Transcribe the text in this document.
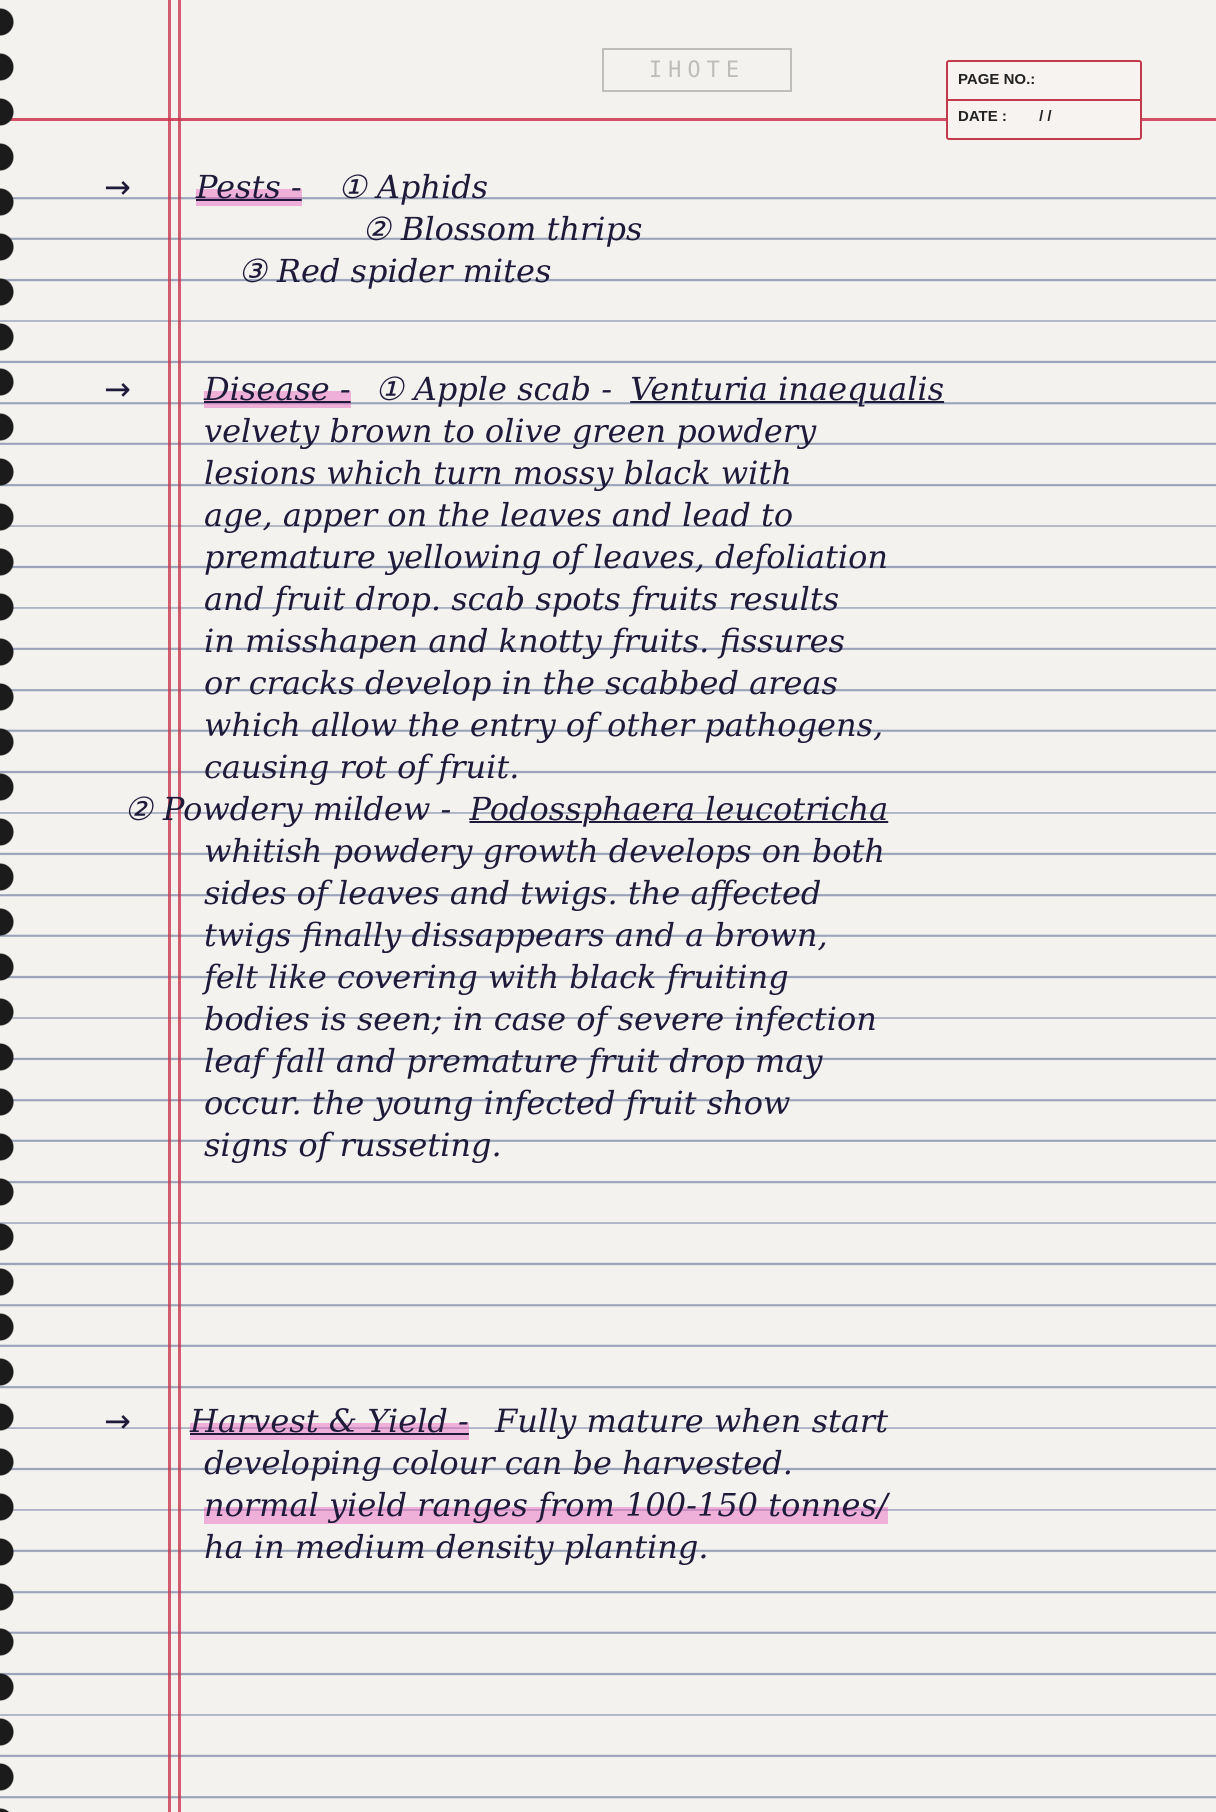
IHOTE	PAGE NO.:
DATE : / /
→ Pests - ① Aphids
② Blossom thrips
③ Red spider mites
→ Disease - ① Apple scab - Venturia inaequalis
velvety brown to olive green powdery
lesions which turn mossy black with
age, apper on the leaves and lead to
premature yellowing of leaves, defoliation
and fruit drop. scab spots fruits results
in misshapen and knotty fruits. fissures
or cracks develop in the scabbed areas
which allow the entry of other pathogens,
causing rot of fruit.
② Powdery mildew - Podossphaera leucotricha
whitish powdery growth develops on both
sides of leaves and twigs. the affected
twigs finally dissappears and a brown,
felt like covering with black fruiting
bodies is seen; in case of severe infection
leaf fall and premature fruit drop may
occur. the young infected fruit show
signs of russeting.
→ Harvest & Yield - Fully mature when start
developing colour can be harvested.
normal yield ranges from 100-150 tonnes/
ha in medium density planting.
